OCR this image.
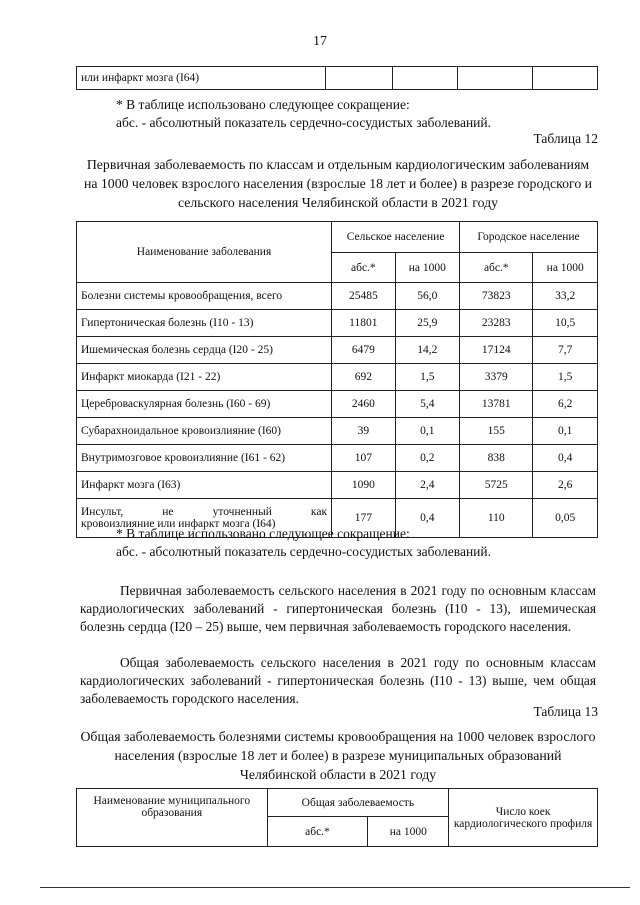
17
или инфаркт мозга (I64)				
* В таблице использовано следующее сокращение:
абс. - абсолютный показатель сердечно-сосудистых заболеваний.
Таблица 12
Первичная заболеваемость по классам и отдельным кардиологическим заболеваниям на 1000 человек взрослого населения (взрослые 18 лет и более) в разрезе городского и сельского населения Челябинской области в 2021 году
Наименование заболевания	Сельское население		Городское население	
	абс.*	на 1000	абс.*	на 1000
Болезни системы кровообращения, всего	25485	56,0	73823	33,2
Гипертоническая болезнь (I10 - 13)	11801	25,9	23283	10,5
Ишемическая болезнь сердца (I20 - 25)	6479	14,2	17124	7,7
Инфаркт миокарда (I21 - 22)	692	1,5	3379	1,5
Цереброваскулярная болезнь (I60 - 69)	2460	5,4	13781	6,2
Субарахноидальное кровоизлияние (I60)	39	0,1	155	0,1
Внутримозговое кровоизлияние (I61 - 62)	107	0,2	838	0,4
Инфаркт мозга (I63)	1090	2,4	5725	2,6

Инсульт, не уточненный как
кровоизлияние или инфаркт мозга (I64)	177	0,4	110	0,05
* В таблице использовано следующее сокращение:
абс. - абсолютный показатель сердечно-сосудистых заболеваний.
Первичная заболеваемость сельского населения в 2021 году по основным классам кардиологических заболеваний - гипертоническая болезнь (I10 - 13), ишемическая болезнь сердца (I20 – 25) выше, чем первичная заболеваемость городского населения.
Общая заболеваемость сельского населения в 2021 году по основным классам кардиологических заболеваний - гипертоническая болезнь (I10 - 13) выше, чем общая заболеваемость городского населения.
Таблица 13
Общая заболеваемость болезнями системы кровообращения на 1000 человек взрослого населения (взрослые 18 лет и более) в разрезе муниципальных образований Челябинской области в 2021 году
Наименование муниципального образования	Общая заболеваемость		Число коек кардиологического профиля
	абс.*	на 1000	
